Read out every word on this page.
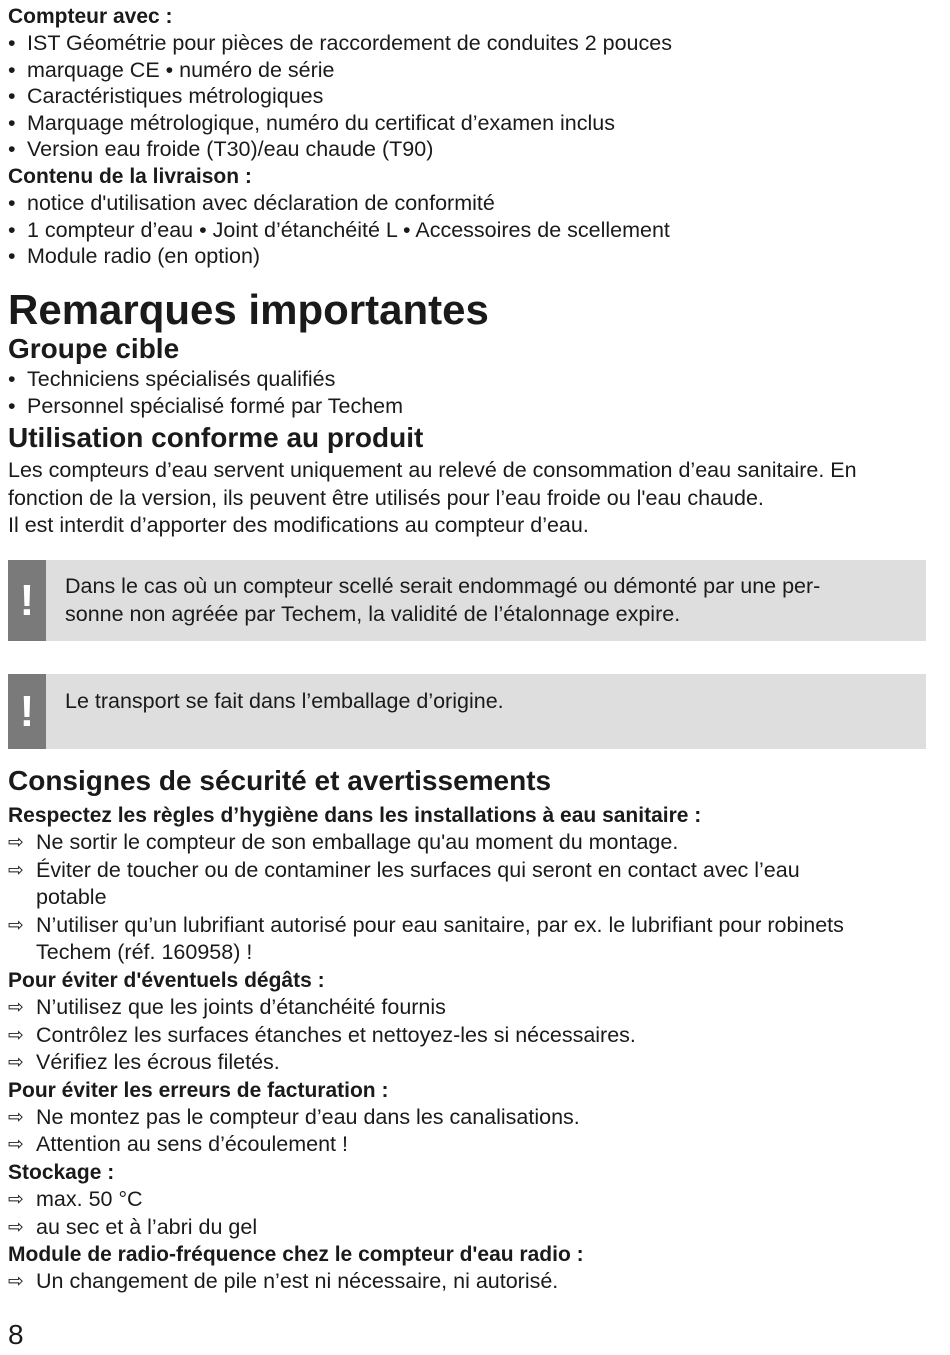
Compteur avec :

• IST Géométrie pour pièces de raccordement de conduites 2 pouces

• marquage CE • numéro de série

• Caractéristiques métrologiques

• Marquage métrologique, numéro du certificat d’examen inclus

• Version eau froide (T30)/eau chaude (T90)

Contenu de la livraison :

• notice d'utilisation avec déclaration de conformité

• 1 compteur d’eau • Joint d’étanchéité L • Accessoires de scellement

• Module radio (en option)

Remarques importantes

Groupe cible

• Techniciens spécialisés qualifiés

• Personnel spécialisé formé par Techem

Utilisation conforme au produit

Les compteurs d’eau servent uniquement au relevé de consommation d’eau sanitaire. En

fonction de la version, ils peuvent être utilisés pour l’eau froide ou l'eau chaude.

Il est interdit d’apporter des modifications au compteur d’eau.

!	Dans le cas où un compteur scellé serait endommagé ou démonté par une per-
sonne non agréée par Techem, la validité de l’étalonnage expire.
!	Le transport se fait dans l’emballage d’origine.

Consignes de sécurité et avertissements

Respectez les règles d’hygiène dans les installations à eau sanitaire :

⇨ Ne sortir le compteur de son emballage qu'au moment du montage.

⇨ Éviter de toucher ou de contaminer les surfaces qui seront en contact avec l’eau
potable

⇨ N’utiliser qu’un lubrifiant autorisé pour eau sanitaire, par ex. le lubrifiant pour robinets
Techem (réf. 160958) !

Pour éviter d'éventuels dégâts :

⇨ N’utilisez que les joints d’étanchéité fournis

⇨ Contrôlez les surfaces étanches et nettoyez-les si nécessaires.

⇨ Vérifiez les écrous filetés.

Pour éviter les erreurs de facturation :

⇨ Ne montez pas le compteur d’eau dans les canalisations.

⇨ Attention au sens d’écoulement !

Stockage :

⇨ max. 50 °C

⇨ au sec et à l’abri du gel

Module de radio-fréquence chez le compteur d'eau radio :

⇨ Un changement de pile n’est ni nécessaire, ni autorisé.

8
